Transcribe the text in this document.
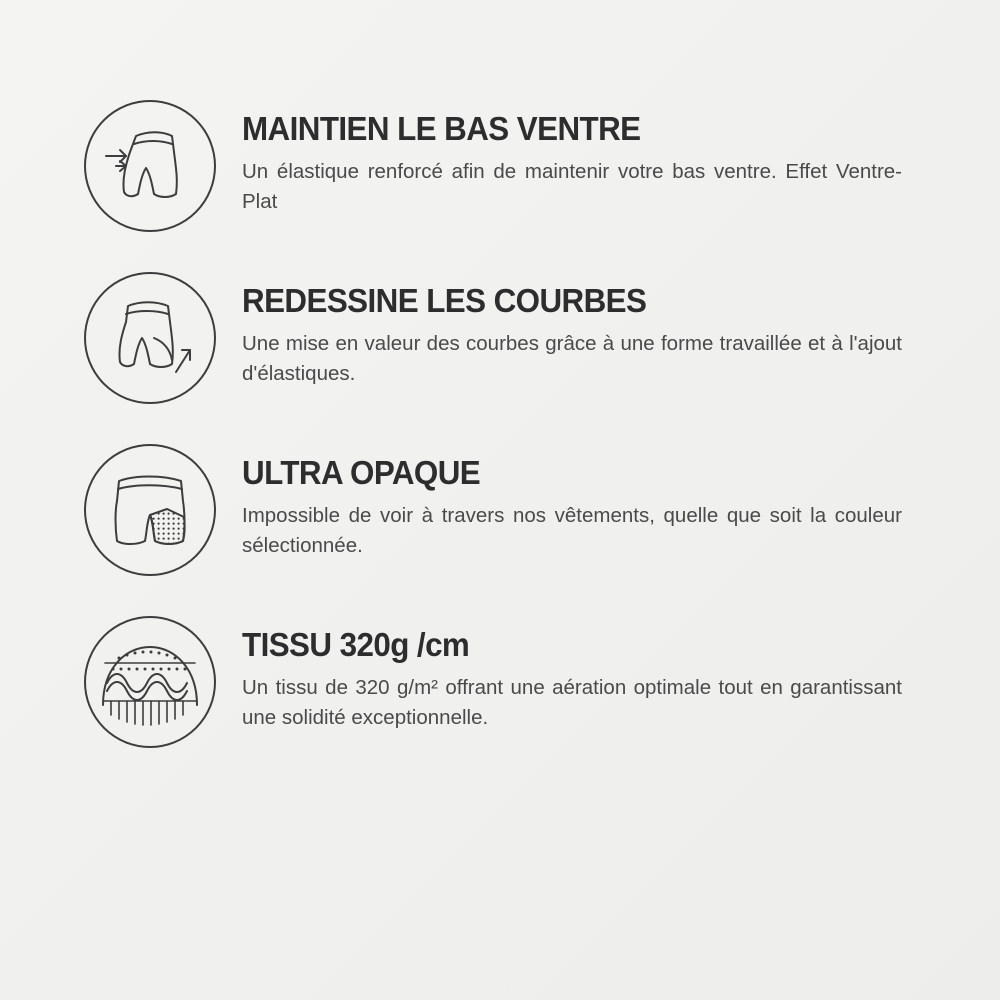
MAINTIEN LE BAS VENTRE

Un élastique renforcé afin de maintenir votre bas ventre. Effet Ventre-Plat

REDESSINE LES COURBES

Une mise en valeur des courbes grâce à une forme travaillée et à l'ajout d'élastiques.

ULTRA OPAQUE

Impossible de voir à travers nos vêtements, quelle que soit la couleur sélectionnée.

TISSU 320g /cm

Un tissu de 320 g/m² offrant une aération optimale tout en garantissant une solidité exceptionnelle.
